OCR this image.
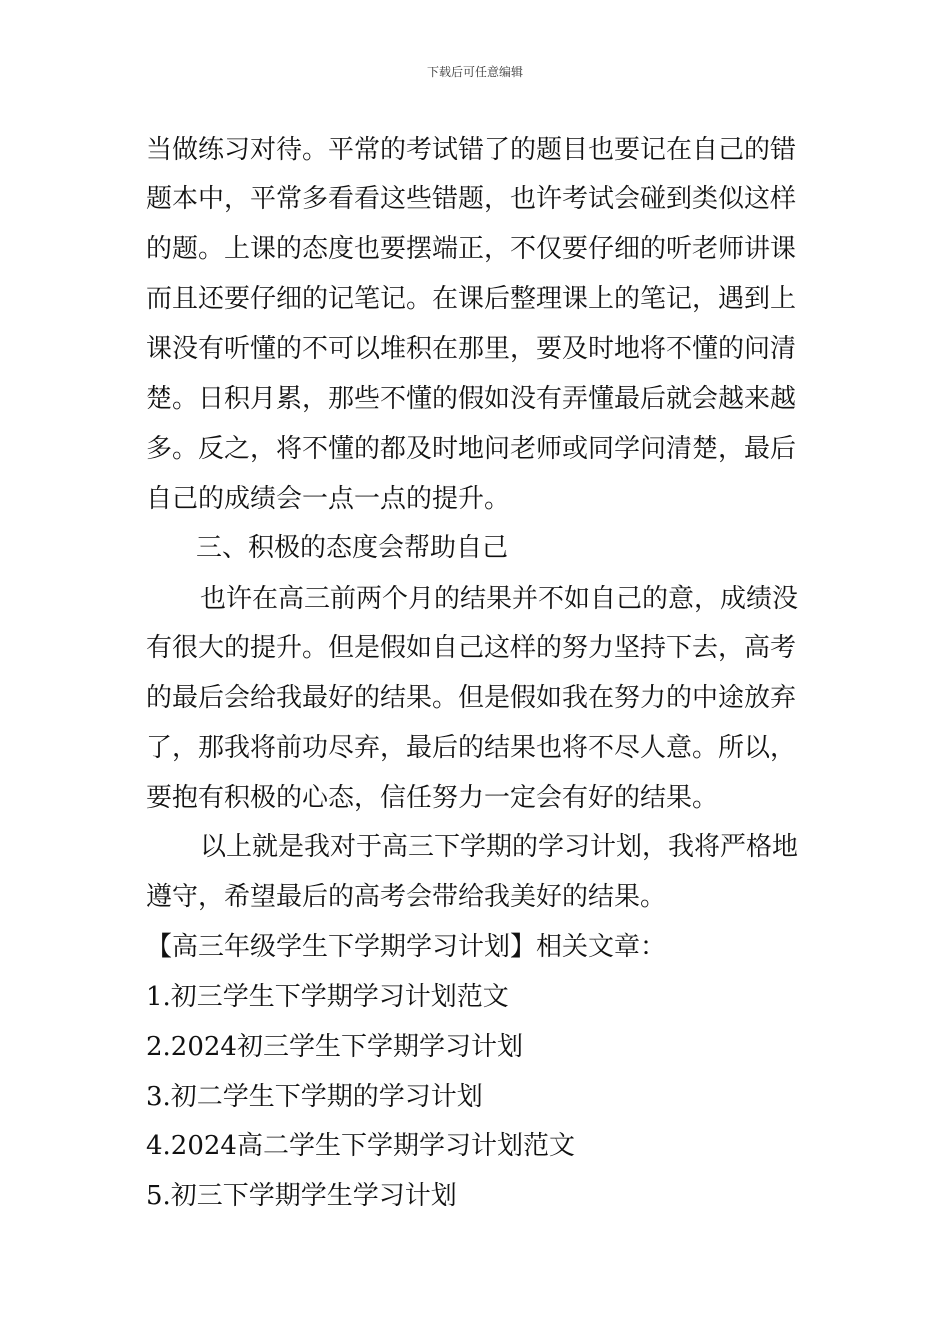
下载后可任意编辑
当做练习对待。平常的考试错了的题目也要记在自己的错
题本中，平常多看看这些错题，也许考试会碰到类似这样
的题。上课的态度也要摆端正，不仅要仔细的听老师讲课
而且还要仔细的记笔记。在课后整理课上的笔记，遇到上
课没有听懂的不可以堆积在那里，要及时地将不懂的问清
楚。日积月累，那些不懂的假如没有弄懂最后就会越来越
多。反之，将不懂的都及时地问老师或同学问清楚，最后
自己的成绩会一点一点的提升。
三、积极的态度会帮助自己
也许在高三前两个月的结果并不如自己的意，成绩没
有很大的提升。但是假如自己这样的努力坚持下去，高考
的最后会给我最好的结果。但是假如我在努力的中途放弃
了，那我将前功尽弃，最后的结果也将不尽人意。所以，
要抱有积极的心态，信任努力一定会有好的结果。
以上就是我对于高三下学期的学习计划，我将严格地
遵守，希望最后的高考会带给我美好的结果。
【高三年级学生下学期学习计划】相关文章：
1.初三学生下学期学习计划范文
2.2024初三学生下学期学习计划
3.初二学生下学期的学习计划
4.2024高二学生下学期学习计划范文
5.初三下学期学生学习计划
